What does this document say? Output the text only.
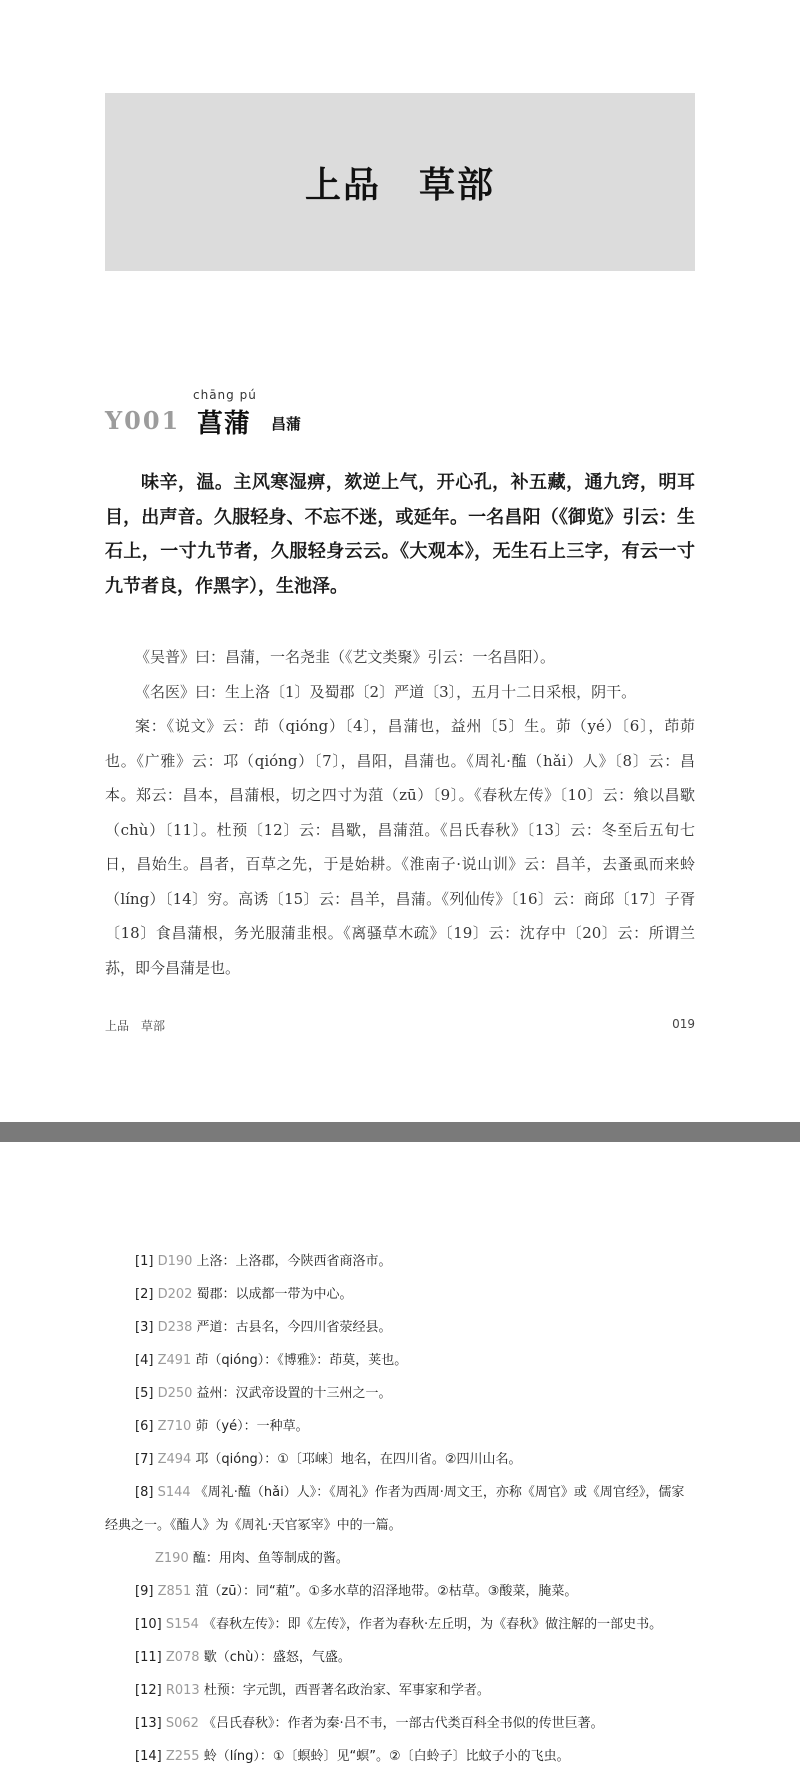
上品　草部
Y001
chāng pú
菖蒲 昌蒲

味辛，温。主风寒湿痹，欬逆上气，开心孔，补五藏，通九窍，明耳目，出声音。久服轻身、不忘不迷，或延年。一名昌阳（《御览》引云：生石上，一寸九节者，久服轻身云云。《大观本》，无生石上三字，有云一寸九节者良，作黑字），生池泽。

《吴普》曰：昌蒲，一名尧韭（《艺文类聚》引云：一名昌阳）。

《名医》曰：生上洛〔1〕及蜀郡〔2〕严道〔3〕，五月十二日采根，阴干。

案：《说文》云：茚（qióng）〔4〕，昌蒲也，益州〔5〕生。茆（yé）〔6〕，茚茆也。《广雅》云：邛（qióng）〔7〕，昌阳，昌蒲也。《周礼·醢（hǎi）人》〔8〕云：昌本。郑云：昌本，昌蒲根，切之四寸为菹（zū）〔9〕。《春秋左传》〔10〕云：飨以昌歜（chù）〔11〕。杜预〔12〕云：昌歜，昌蒲菹。《吕氏春秋》〔13〕云：冬至后五旬七日，昌始生。昌者，百草之先，于是始耕。《淮南子·说山训》云：昌羊，去蚤虱而来蛉（líng）〔14〕穷。高诱〔15〕云：昌羊，昌蒲。《列仙传》〔16〕云：商邱〔17〕子胥〔18〕食昌蒲根，务光服蒲韭根。《离骚草木疏》〔19〕云：沈存中〔20〕云：所谓兰荪，即今昌蒲是也。

上品　草部	019

[1] D190 上洛：上洛郡，今陕西省商洛市。

[2] D202 蜀郡：以成都一带为中心。

[3] D238 严道：古县名，今四川省荥经县。

[4] Z491 茚（qióng）：《博雅》：茚莫，荚也。

[5] D250 益州：汉武帝设置的十三州之一。

[6] Z710 茆（yé）：一种草。

[7] Z494 邛（qióng）：①〔邛崃〕地名，在四川省。②四川山名。

[8] S144 《周礼·醢（hǎi）人》：《周礼》作者为西周·周文王，亦称《周官》或《周官经》，儒家经典之一。《醢人》为《周礼·天官冢宰》中的一篇。

Z190 醢：用肉、鱼等制成的酱。

[9] Z851 菹（zū）：同“蒩”。①多水草的沼泽地带。②枯草。③酸菜，腌菜。

[10] S154 《春秋左传》：即《左传》，作者为春秋·左丘明，为《春秋》做注解的一部史书。

[11] Z078 歜（chù）：盛怒，气盛。

[12] R013 杜预：字元凯，西晋著名政治家、军事家和学者。

[13] S062 《吕氏春秋》：作者为秦·吕不韦，一部古代类百科全书似的传世巨著。

[14] Z255 蛉（líng）：①〔螟蛉〕见“螟”。②〔白蛉子〕比蚊子小的飞虫。
